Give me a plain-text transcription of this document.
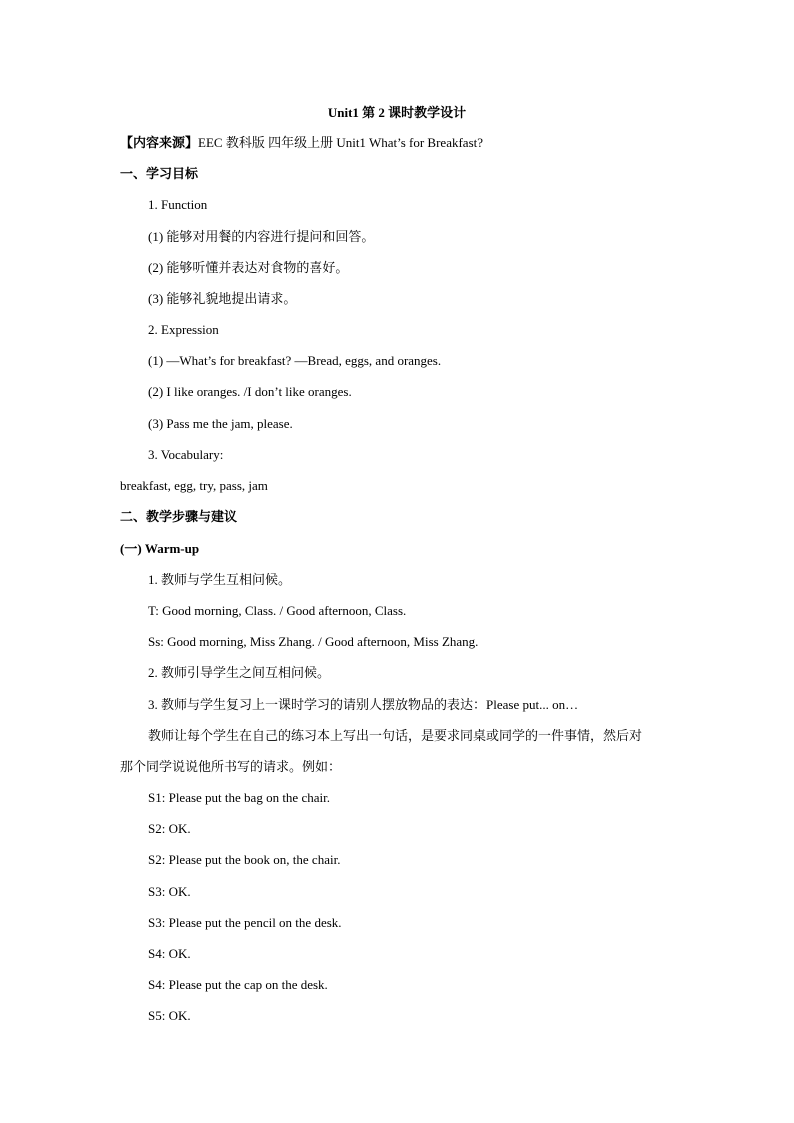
Unit1 第 2 课时教学设计
【内容来源】EEC 教科版 四年级上册 Unit1 What’s for Breakfast?
一、学习目标
1. Function
(1) 能够对用餐的内容进行提问和回答。
(2) 能够听懂并表达对食物的喜好。
(3) 能够礼貌地提出请求。
2. Expression
(1) —What’s for breakfast? —Bread, eggs, and oranges.
(2) I like oranges. /I don’t like oranges.
(3) Pass me the jam, please.
3. Vocabulary:
breakfast, egg, try, pass, jam
二、教学步骤与建议
(一) Warm-up
1. 教师与学生互相问候。
T: Good morning, Class. / Good afternoon, Class.
Ss: Good morning, Miss Zhang. / Good afternoon, Miss Zhang.
2. 教师引导学生之间互相问候。
3. 教师与学生复习上一课时学习的请别人摆放物品的表达：Please put... on…
教师让每个学生在自己的练习本上写出一句话，是要求同桌或同学的一件事情，然后对
那个同学说说他所书写的请求。例如：
S1: Please put the bag on the chair.
S2: OK.
S2: Please put the book on, the chair.
S3: OK.
S3: Please put the pencil on the desk.
S4: OK.
S4: Please put the cap on the desk.
S5: OK.
